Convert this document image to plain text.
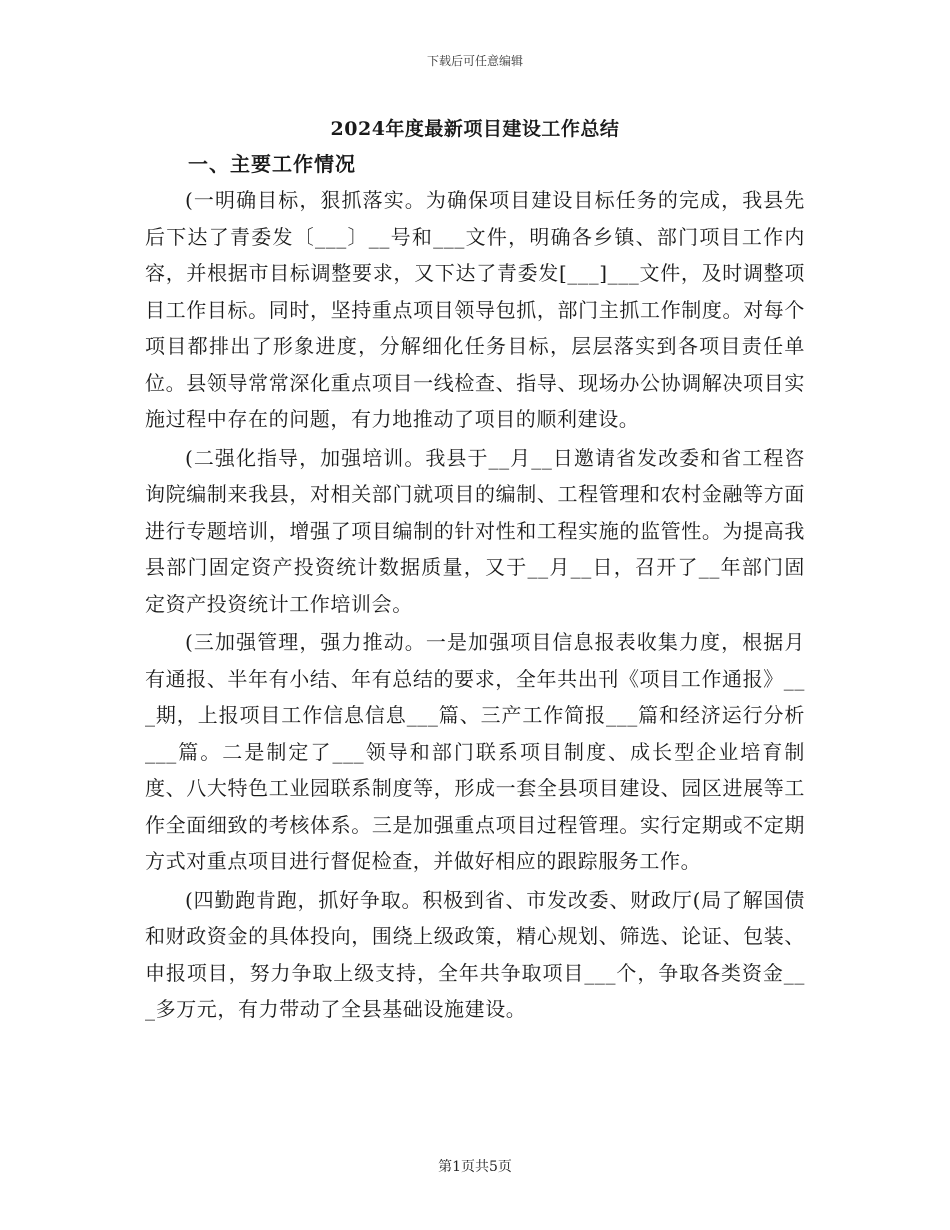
下载后可任意编辑
2024年度最新项目建设工作总结
一、主要工作情况

(一明确目标，狠抓落实。为确保项目建设目标任务的完成，我县先后下达了青委发〔___〕__号和___文件，明确各乡镇、部门项目工作内容，并根据市目标调整要求，又下达了青委发[___]___文件，及时调整项目工作目标。同时，坚持重点项目领导包抓，部门主抓工作制度。对每个项目都排出了形象进度，分解细化任务目标，层层落实到各项目责任单位。县领导常常深化重点项目一线检查、指导、现场办公协调解决项目实施过程中存在的问题，有力地推动了项目的顺利建设。

(二强化指导，加强培训。我县于__月__日邀请省发改委和省工程咨询院编制来我县，对相关部门就项目的编制、工程管理和农村金融等方面进行专题培训，增强了项目编制的针对性和工程实施的监管性。为提高我县部门固定资产投资统计数据质量，又于__月__日，召开了__年部门固定资产投资统计工作培训会。

(三加强管理，强力推动。一是加强项目信息报表收集力度，根据月有通报、半年有小结、年有总结的要求，全年共出刊《项目工作通报》___期，上报项目工作信息信息___篇、三产工作简报___篇和经济运行分析___篇。二是制定了___领导和部门联系项目制度、成长型企业培育制度、八大特色工业园联系制度等，形成一套全县项目建设、园区进展等工作全面细致的考核体系。三是加强重点项目过程管理。实行定期或不定期方式对重点项目进行督促检查，并做好相应的跟踪服务工作。

(四勤跑肯跑，抓好争取。积极到省、市发改委、财政厅(局了解国债和财政资金的具体投向，围绕上级政策，精心规划、筛选、论证、包装、申报项目，努力争取上级支持，全年共争取项目___个，争取各类资金___多万元，有力带动了全县基础设施建设。

第1页共5页
